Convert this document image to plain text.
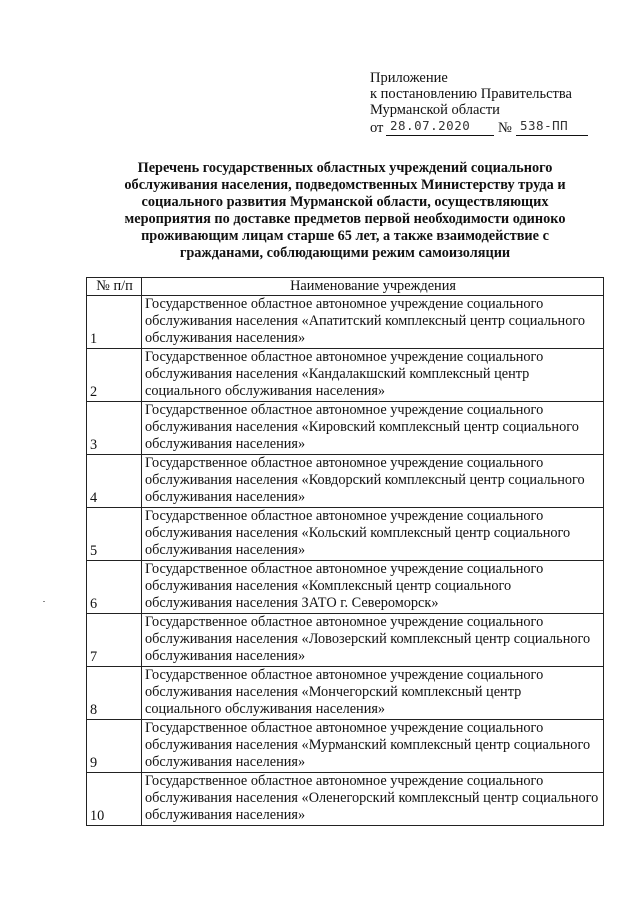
Приложение
к постановлению Правительства
Мурманской области
от 28.07.2020 № 538-ПП
Перечень государственных областных учреждений социального обслуживания населения, подведомственных Министерству труда и социального развития Мурманской области, осуществляющих мероприятия по доставке предметов первой необходимости одиноко проживающим лицам старше 65 лет, а также взаимодействие с гражданами, соблюдающими режим самоизоляции
№ п/п	Наименование учреждения
1	Государственное областное автономное учреждение социального обслуживания населения «Апатитский комплексный центр социального обслуживания населения»
2	Государственное областное автономное учреждение социального обслуживания населения «Кандалакшский комплексный центр социального обслуживания населения»
3	Государственное областное автономное учреждение социального обслуживания населения «Кировский комплексный центр социального обслуживания населения»
4	Государственное областное автономное учреждение социального обслуживания населения «Ковдорский комплексный центр социального обслуживания населения»
5	Государственное областное автономное учреждение социального обслуживания населения «Кольский комплексный центр социального обслуживания населения»
6	Государственное областное автономное учреждение социального обслуживания населения «Комплексный центр социального обслуживания населения ЗАТО г. Североморск»
7	Государственное областное автономное учреждение социального обслуживания населения «Ловозерский комплексный центр социального обслуживания населения»
8	Государственное областное автономное учреждение социального обслуживания населения «Мончегорский комплексный центр социального обслуживания населения»
9	Государственное областное автономное учреждение социального обслуживания населения «Мурманский комплексный центр социального обслуживания населения»
10	Государственное областное автономное учреждение социального обслуживания населения «Оленегорский комплексный центр социального обслуживания населения»
